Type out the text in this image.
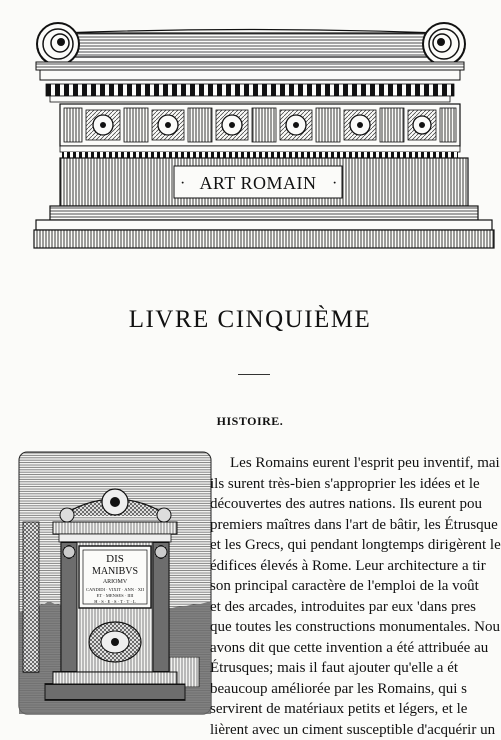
· ART ROMAIN ·
LIVRE CINQUIÈME
HISTOIRE.
DIS
MANIBVS
ARIOMV
CANDIDI · VIXIT · ANN · XII
ET · MENSES · IIII
H · S · E · S · T · T · L
Les Romains eurent l'esprit peu inventif, mai
ils surent très-bien s'approprier les idées et le
découvertes des autres nations. Ils eurent pou
premiers maîtres dans l'art de bâtir, les Étrusque
et les Grecs, qui pendant longtemps dirigèrent le
édifices élevés à Rome. Leur architecture a tir
son principal caractère de l'emploi de la voût
et des arcades, introduites par eux 'dans pres
que toutes les constructions monumentales. Nou
avons dit que cette invention a été attribuée au
Étrusques; mais il faut ajouter qu'elle a ét
beaucoup améliorée par les Romains, qui s
servirent de matériaux petits et légers, et le
lièrent avec un ciment susceptible d'acquérir un
